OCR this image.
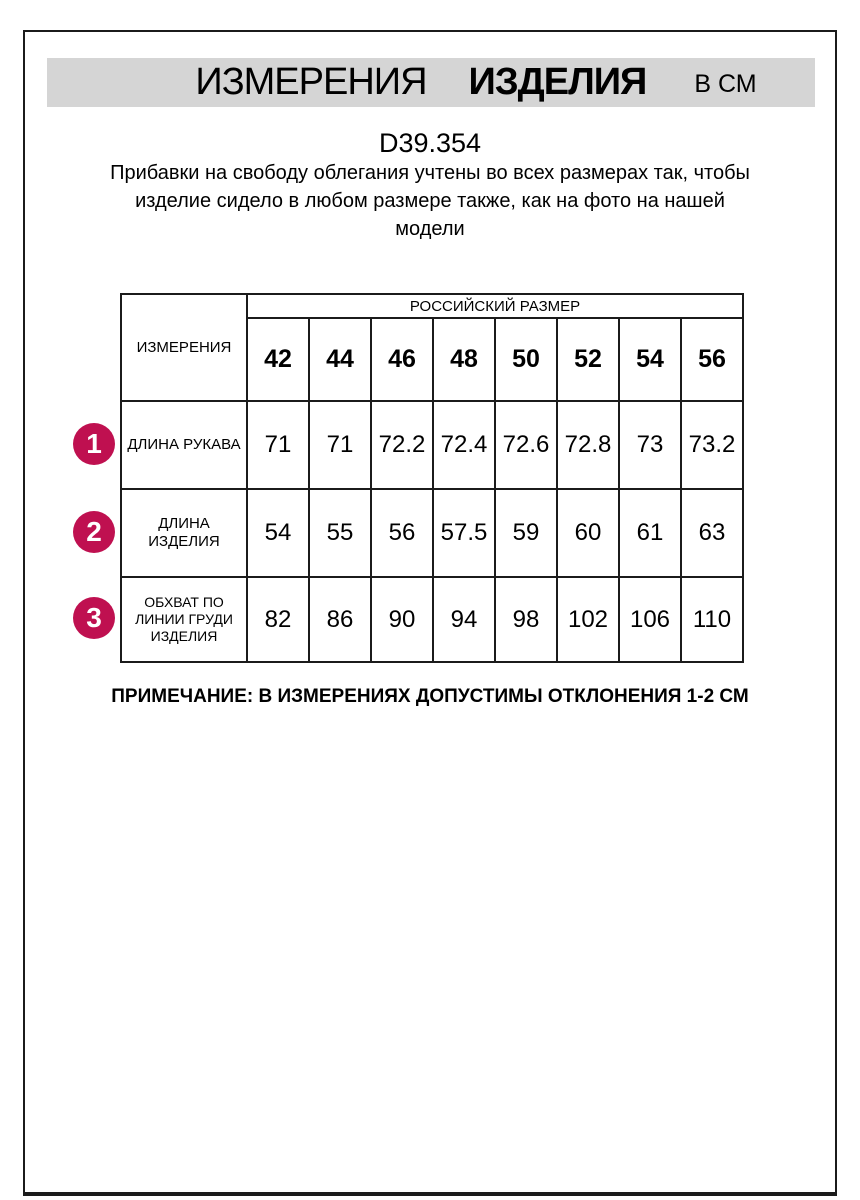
ИЗМЕРЕНИЯ ИЗДЕЛИЯ В СМ
D39.354
Прибавки на свободу облегания учтены во всех размерах так, чтобы
изделие сидело в любом размере также, как на фото на нашей
модели
ИЗМЕРЕНИЯ	РОССИЙСКИЙ РАЗМЕР							
	42	44	46	48	50	52	54	56

ДЛИНА РУКАВА	71	71	72.2	72.4	72.6	72.8	73	73.2

ДЛИНА
ИЗДЕЛИЯ	54	55	56	57.5	59	60	61	63

ОБХВАТ ПО
ЛИНИИ ГРУДИ
ИЗДЕЛИЯ	82	86	90	94	98	102	106	110
1
2
3
ПРИМЕЧАНИЕ: В ИЗМЕРЕНИЯХ ДОПУСТИМЫ ОТКЛОНЕНИЯ 1-2 СМ
